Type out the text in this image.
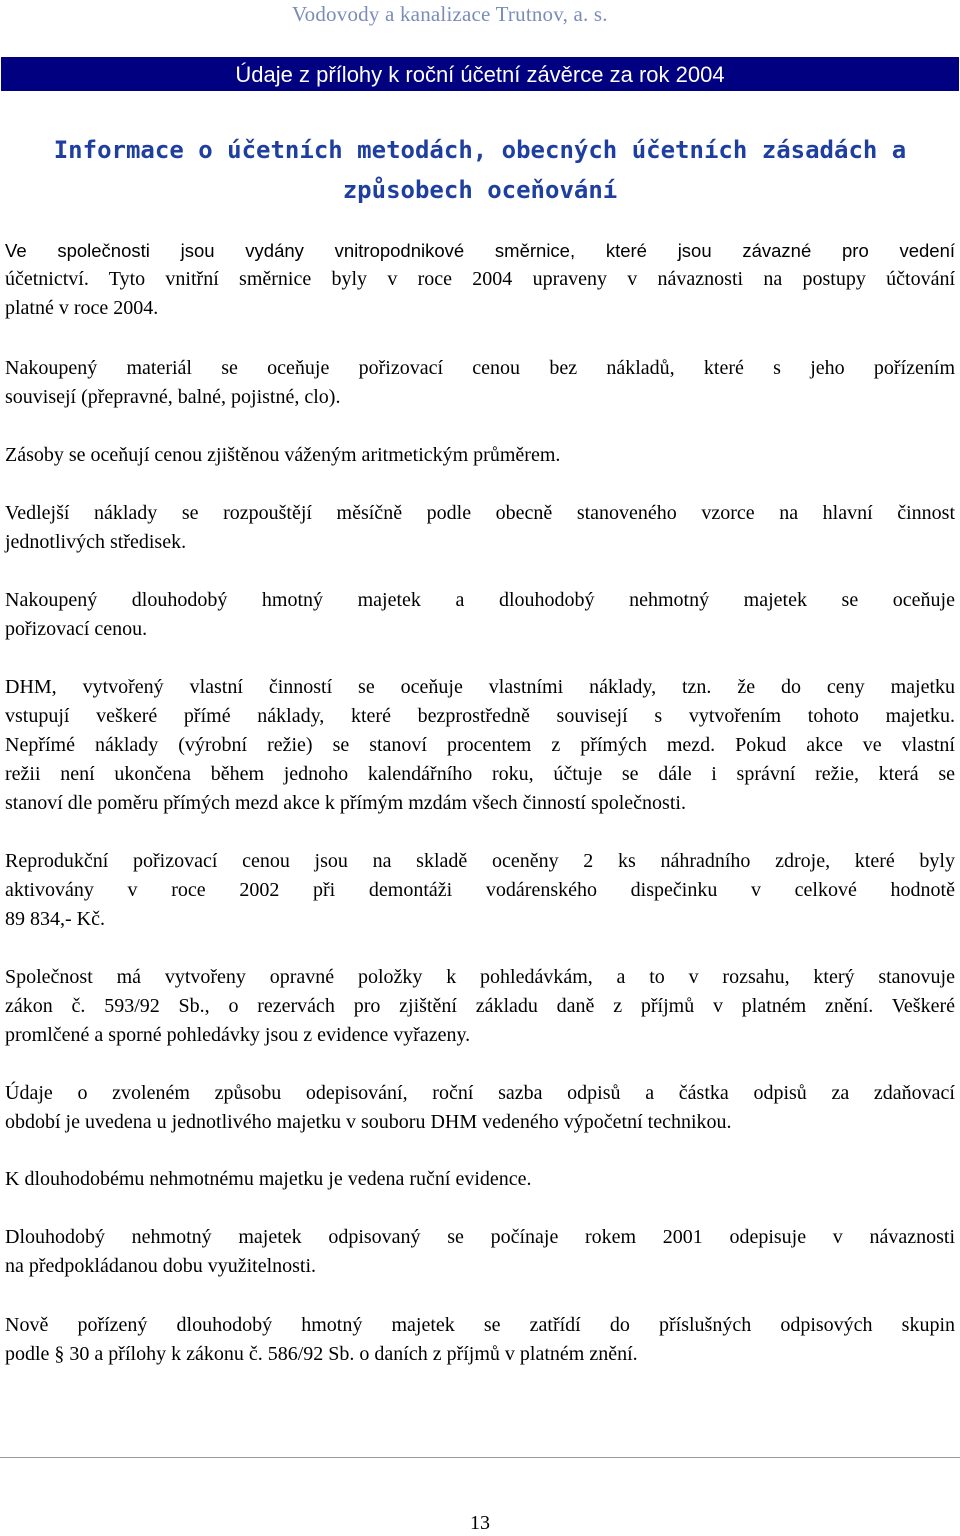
Vodovody a kanalizace Trutnov, a. s.
Údaje z přílohy k roční účetní závěrce za rok 2004
Informace o účetních metodách, obecných účetních zásadách a
způsobech oceňování

Ve společnosti jsou vydány vnitropodnikové směrnice, které jsou závazné pro vedení
účetnictví. Tyto vnitřní směrnice byly v roce 2004 upraveny v návaznosti na postupy účtování
platné v roce 2004.

Nakoupený materiál se oceňuje pořizovací cenou bez nákladů, které s jeho pořízením
souvisejí (přepravné, balné, pojistné, clo).

Zásoby se oceňují cenou zjištěnou váženým aritmetickým průměrem.

Vedlejší náklady se rozpouštějí měsíčně podle obecně stanoveného vzorce na hlavní činnost
jednotlivých středisek.

Nakoupený dlouhodobý hmotný majetek a dlouhodobý nehmotný majetek se oceňuje
pořizovací cenou.

DHM, vytvořený vlastní činností se oceňuje vlastními náklady, tzn. že do ceny majetku
vstupují veškeré přímé náklady, které bezprostředně souvisejí s vytvořením tohoto majetku.
Nepřímé náklady (výrobní režie) se stanoví procentem z přímých mezd. Pokud akce ve vlastní
režii není ukončena během jednoho kalendářního roku, účtuje se dále i správní režie, která se
stanoví dle poměru přímých mezd akce k přímým mzdám všech činností společnosti.

Reprodukční pořizovací cenou jsou na skladě oceněny 2 ks náhradního zdroje, které byly
aktivovány v roce 2002 při demontáži vodárenského dispečinku v celkové hodnotě
89 834,- Kč.

Společnost má vytvořeny opravné položky k pohledávkám, a to v rozsahu, který stanovuje
zákon č. 593/92 Sb., o rezervách pro zjištění základu daně z příjmů v platném znění. Veškeré
promlčené a sporné pohledávky jsou z evidence vyřazeny.

Údaje o zvoleném způsobu odepisování, roční sazba odpisů a částka odpisů za zdaňovací
období je uvedena u jednotlivého majetku v souboru DHM vedeného výpočetní technikou.

K dlouhodobému nehmotnému majetku je vedena ruční evidence.

Dlouhodobý nehmotný majetek odpisovaný se počínaje rokem 2001 odepisuje v návaznosti
na předpokládanou dobu využitelnosti.

Nově pořízený dlouhodobý hmotný majetek se zatřídí do příslušných odpisových skupin
podle § 30 a přílohy k zákonu č. 586/92 Sb. o daních z příjmů v platném znění.

13
